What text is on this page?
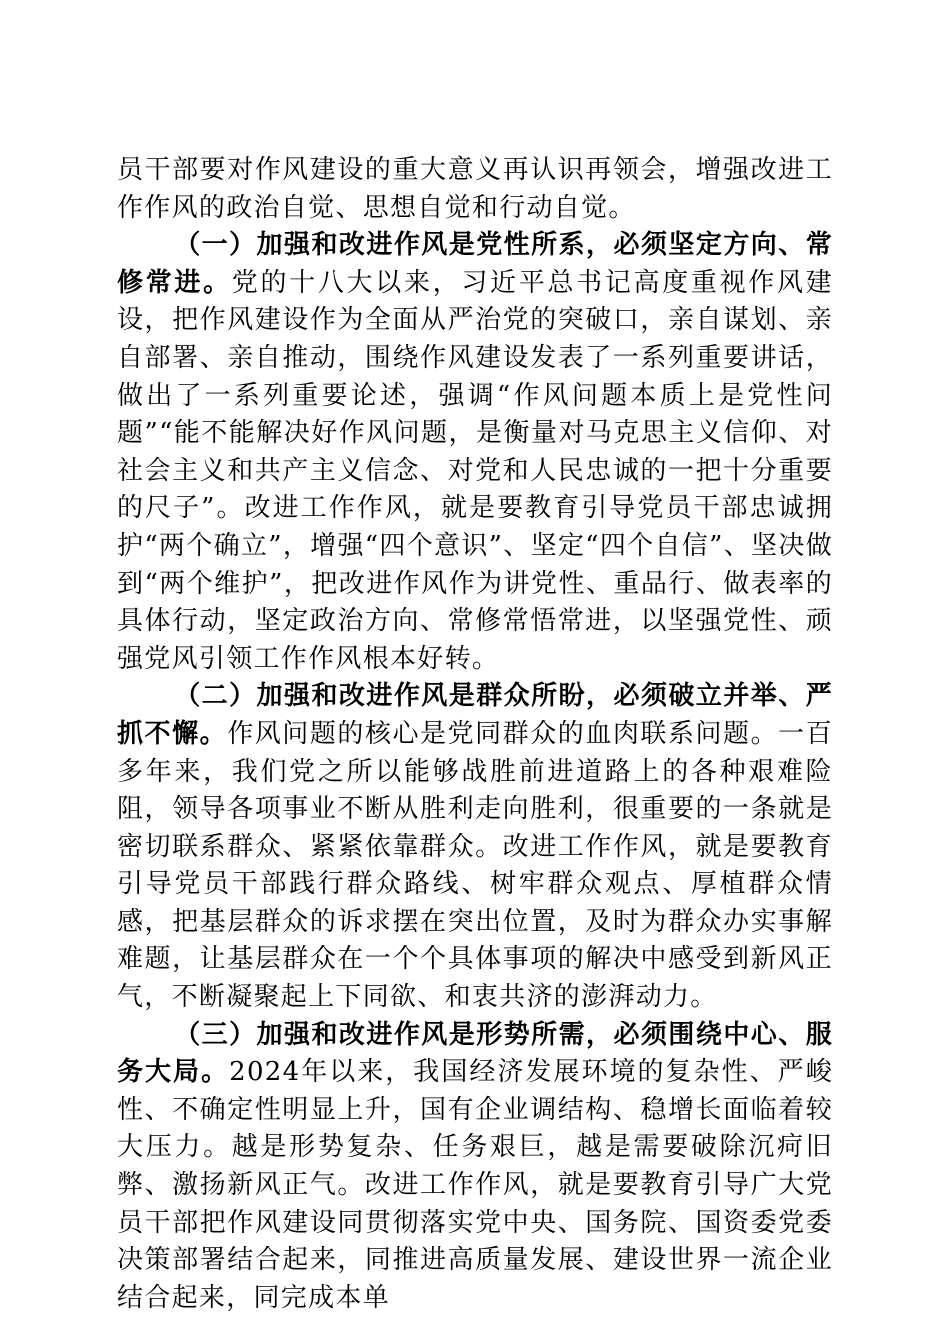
员干部要对作风建设的重大意义再认识再领会，增强改进工作作风的政治自觉、思想自觉和行动自觉。

（一）加强和改进作风是党性所系，必须坚定方向、常修常进。党的十八大以来，习近平总书记高度重视作风建设，把作风建设作为全面从严治党的突破口，亲自谋划、亲自部署、亲自推动，围绕作风建设发表了一系列重要讲话，做出了一系列重要论述，强调“作风问题本质上是党性问题”“能不能解决好作风问题，是衡量对马克思主义信仰、对社会主义和共产主义信念、对党和人民忠诚的一把十分重要的尺子”。改进工作作风，就是要教育引导党员干部忠诚拥护“两个确立”，增强“四个意识”、坚定“四个自信”、坚决做到“两个维护”，把改进作风作为讲党性、重品行、做表率的具体行动，坚定政治方向、常修常悟常进，以坚强党性、顽强党风引领工作作风根本好转。

（二）加强和改进作风是群众所盼，必须破立并举、严抓不懈。作风问题的核心是党同群众的血肉联系问题。一百多年来，我们党之所以能够战胜前进道路上的各种艰难险阻，领导各项事业不断从胜利走向胜利，很重要的一条就是密切联系群众、紧紧依靠群众。改进工作作风，就是要教育引导党员干部践行群众路线、树牢群众观点、厚植群众情感，把基层群众的诉求摆在突出位置，及时为群众办实事解难题，让基层群众在一个个具体事项的解决中感受到新风正气，不断凝聚起上下同欲、和衷共济的澎湃动力。

（三）加强和改进作风是形势所需，必须围绕中心、服务大局。2024年以来，我国经济发展环境的复杂性、严峻性、不确定性明显上升，国有企业调结构、稳增长面临着较大压力。越是形势复杂、任务艰巨，越是需要破除沉疴旧弊、激扬新风正气。改进工作作风，就是要教育引导广大党员干部把作风建设同贯彻落实党中央、国务院、国资委党委决策部署结合起来，同推进高质量发展、建设世界一流企业结合起来，同完成本单
